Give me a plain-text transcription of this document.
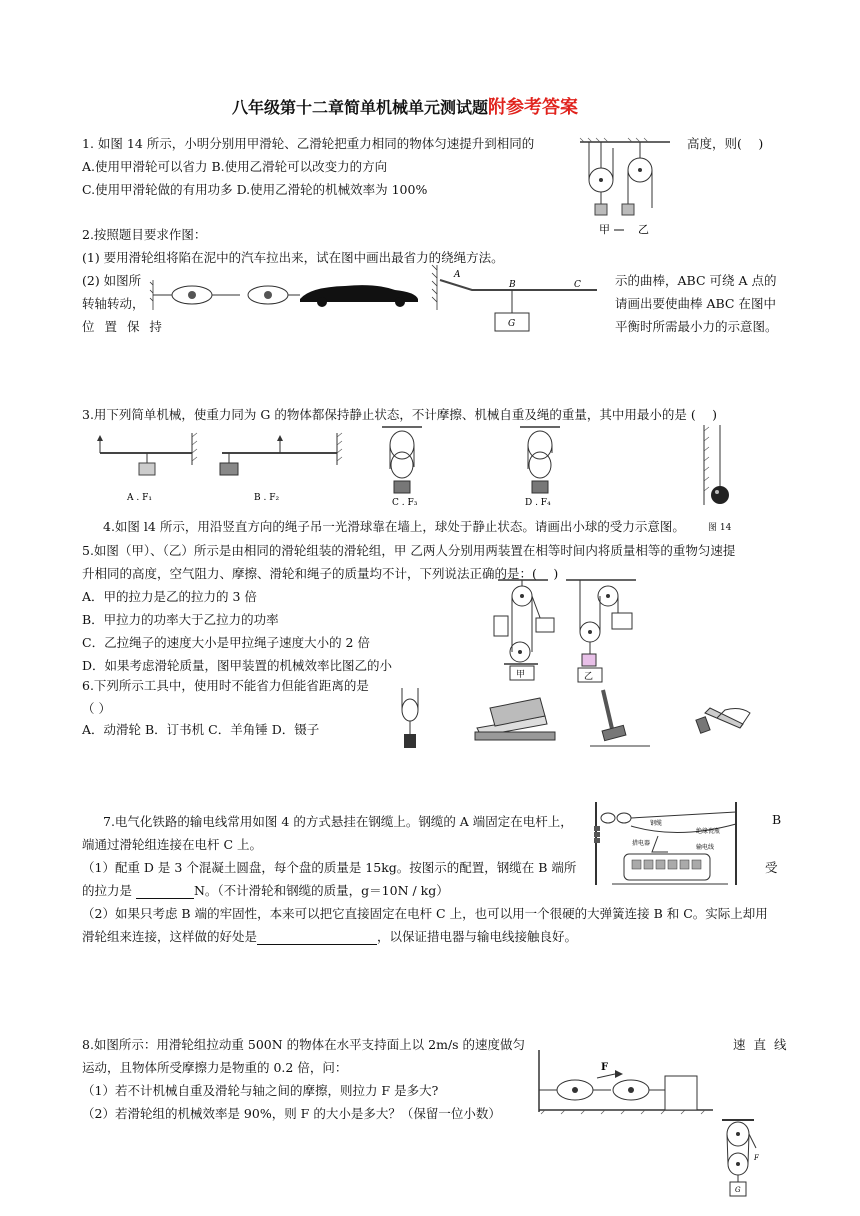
八年级第十二章简单机械单元测试题附参考答案
1. 如图 14 所示，小明分别用甲滑轮、乙滑轮把重力相同的物体匀速提升到相同的	高度，则(　 )
A.使用甲滑轮可以省力 B.使用乙滑轮可以改变力的方向
C.使用甲滑轮做的有用功多 D.使用乙滑轮的机械效率为 100%
甲	乙
2.按照题目要求作图：
(1) 要用滑轮组将陷在泥中的汽车拉出来，试在图中画出最省力的绕绳方法。
(2) 如图所	示的曲棒，ABC 可绕 A 点的
转轴转动，	请画出要使曲棒 ABC 在图中
位 置 保 持	平衡时所需最小力的示意图。
A
B	C
G
3.用下列简单机械，使重力同为 G 的物体都保持静止状态，不计摩擦、机械自重及绳的重量，其中用最小的是 (　 )
A . F₁	B . F₂	C . F₃	D . F₄
4.如图 l4 所示，用沿竖直方向的绳子吊一光滑球靠在墙上，球处于静止状态。请画出小球的受力示意图。	图 14
5.如图（甲）、（乙）所示是由相同的滑轮组装的滑轮组，甲 乙两人分别用两装置在相等时间内将质量相等的重物匀速提
升相同的高度，空气阻力、摩擦、滑轮和绳子的质量均不计，下列说法正确的是：(　 )
A．甲的拉力是乙的拉力的 3 倍
B．甲拉力的功率大于乙拉力的功率
C．乙拉绳子的速度大小是甲拉绳子速度大小的 2 倍
D．如果考虑滑轮质量，图甲装置的机械效率比图乙的小
甲	乙
6.下列所示工具中，使用时不能省力但能省距离的是
（ ）
A．动滑轮 B．订书机 C．羊角锤 D．镊子
7.电气化铁路的输电线常用如图 4 的方式悬挂在钢缆上。钢缆的 A 端固定在电杆上，	B
端通过滑轮组连接在电杆 C 上。
（1）配重 D 是 3 个混凝土圆盘，每个盘的质量是 15kg。按图示的配置，钢缆在 B 端所	受
的拉力是	N。（不计滑轮和钢缆的质量，g＝10N / kg）
（2）如果只考虑 B 端的牢固性，本来可以把它直接固定在电杆 C 上，也可以用一个很硬的大弹簧连接 B 和 C。实际上却用
滑轮组来连接，这样做的好处是	，以保证措电器与输电线接触良好。
钢缆
绝缘瓷瓶
措电器
输电线
8.如图所示：用滑轮组拉动重 500N 的物体在水平支持面上以 2m/s 的速度做匀	速 直 线
运动，且物体所受摩擦力是物重的 0.2 倍，问：
（1）若不计机械自重及滑轮与轴之间的摩擦，则拉力 F 是多大?
（2）若滑轮组的机械效率是 90%，则 F 的大小是多大？（保留一位小数）
F
F
G
